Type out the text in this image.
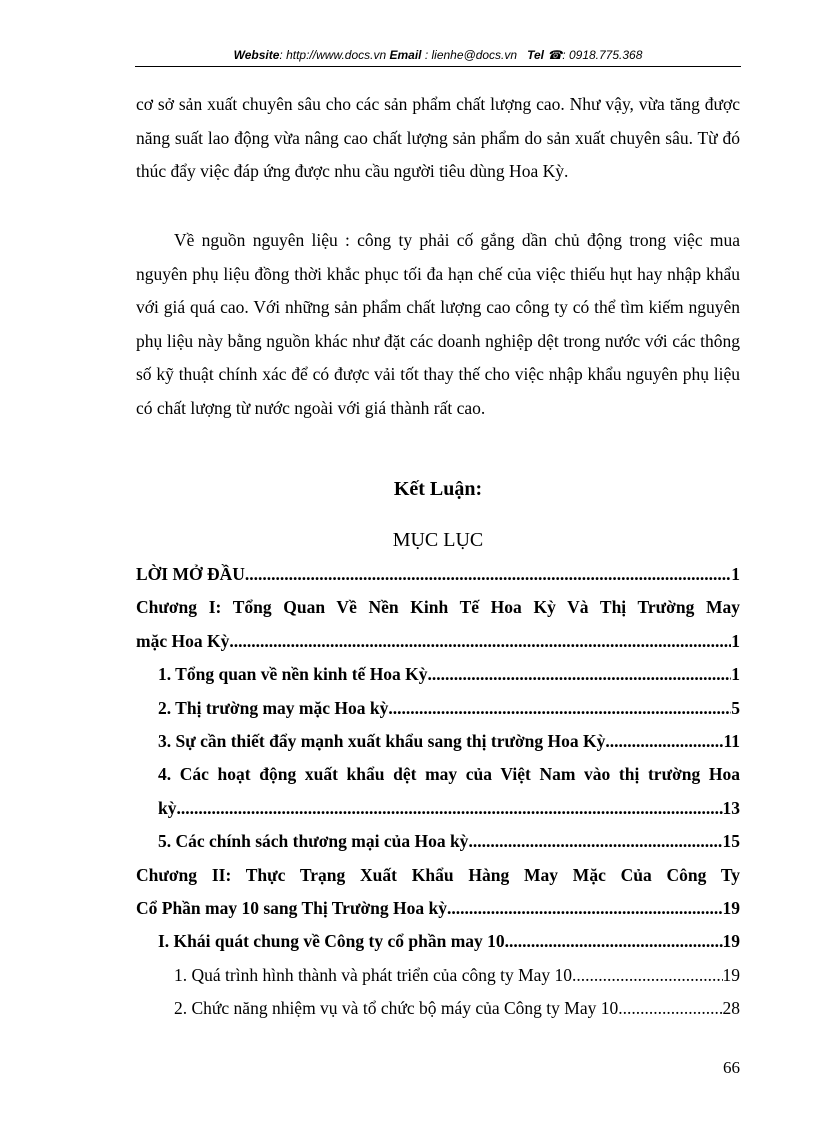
Website: http://www.docs.vn Email : lienhe@docs.vn Tel ☎: 0918.775.368

cơ sở sản xuất chuyên sâu cho các sản phẩm chất lượng cao. Như vậy, vừa tăng được năng suất lao động vừa nâng cao chất lượng sản phẩm do sản xuất chuyên sâu. Từ đó thúc đẩy việc đáp ứng được nhu cầu người tiêu dùng Hoa Kỳ.

Về nguồn nguyên liệu : công ty phải cố gắng dần chủ động trong việc mua nguyên phụ liệu đồng thời khắc phục tối đa hạn chế của việc thiếu hụt hay nhập khẩu với giá quá cao. Với những sản phẩm chất lượng cao công ty có thể tìm kiếm nguyên phụ liệu này bằng nguồn khác như đặt các doanh nghiệp dệt trong nước với các thông số kỹ thuật chính xác để có được vải tốt thay thế cho việc nhập khẩu nguyên phụ liệu có chất lượng từ nước ngoài với giá thành rất cao.

Kết Luận:
MỤC LỤC
LỜI MỞ ĐẦU .....	1
Chương I: Tổng Quan Về Nền Kinh Tế Hoa Kỳ Và Thị Trường May
mặc Hoa Kỳ .....	1
1. Tổng quan về nền kinh tế Hoa Kỳ .....	1
2. Thị trường may mặc Hoa kỳ .....	5
3. Sự cần thiết đẩy mạnh xuất khẩu sang thị trường Hoa Kỳ .....	11
4. Các hoạt động xuất khẩu dệt may của Việt Nam vào thị trường Hoa
kỳ .....	13
5. Các chính sách thương mại của Hoa kỳ .....	15
Chương II: Thực Trạng Xuất Khẩu Hàng May Mặc Của Công Ty
Cổ Phần may 10 sang Thị Trường Hoa kỳ .....	19
I. Khái quát chung về Công ty cổ phần may 10 .....	19
1. Quá trình hình thành và phát triển của công ty May 10 .....	19
2. Chức năng nhiệm vụ và tổ chức bộ máy của Công ty May 10 .....	28
66
